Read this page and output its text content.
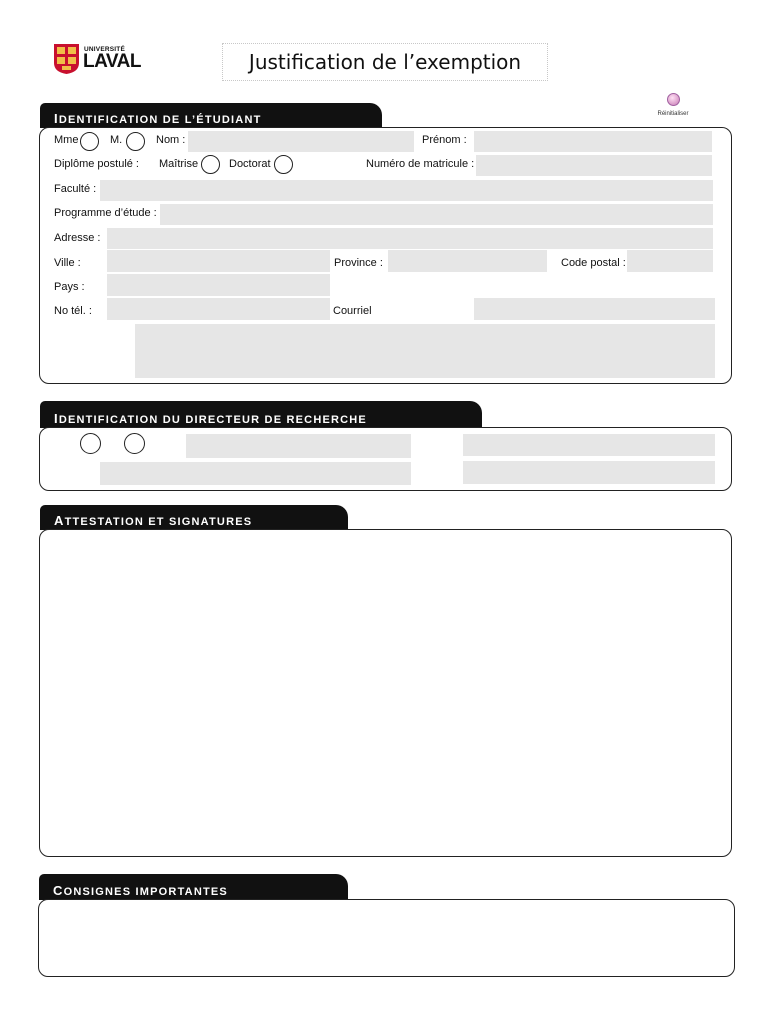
UNIVERSITÉ
LAVAL	Justification de l’exemption
Réinitialiser
I DENTIFICATION DE L’ÉTUDIANT
Mme	M.	Nom :	Prénom :
Diplôme postulé : Maîtrise	Doctorat	Numéro de matricule :
Faculté :
Programme d’étude :
Adresse :
Ville :	Province :	Code postal :
Pays :
No tél. :	Courriel
I DENTIFICATION DU DIRECTEUR DE RECHERCHE
A TTESTATION ET SIGNATURES
C ONSIGNES IMPORTANTES
